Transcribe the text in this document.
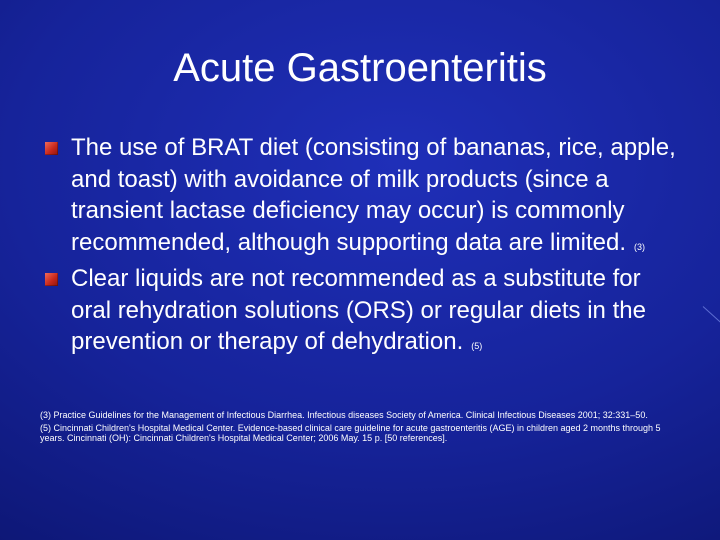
Acute Gastroenteritis
The use of BRAT diet (consisting of bananas, rice, apple, and toast) with avoidance of milk products (since a transient lactase deficiency may occur) is commonly recommended, although supporting data are limited. (3)
Clear liquids are not recommended as a substitute for oral rehydration solutions (ORS) or regular diets in the prevention or therapy of dehydration. (5)

(3) Practice Guidelines for the Management of Infectious Diarrhea. Infectious diseases Society of America. Clinical Infectious Diseases 2001; 32:331–50.

(5) Cincinnati Children's Hospital Medical Center. Evidence-based clinical care guideline for acute gastroenteritis (AGE) in children aged 2 months through 5 years. Cincinnati (OH): Cincinnati Children's Hospital Medical Center; 2006 May. 15 p. [50 references].
